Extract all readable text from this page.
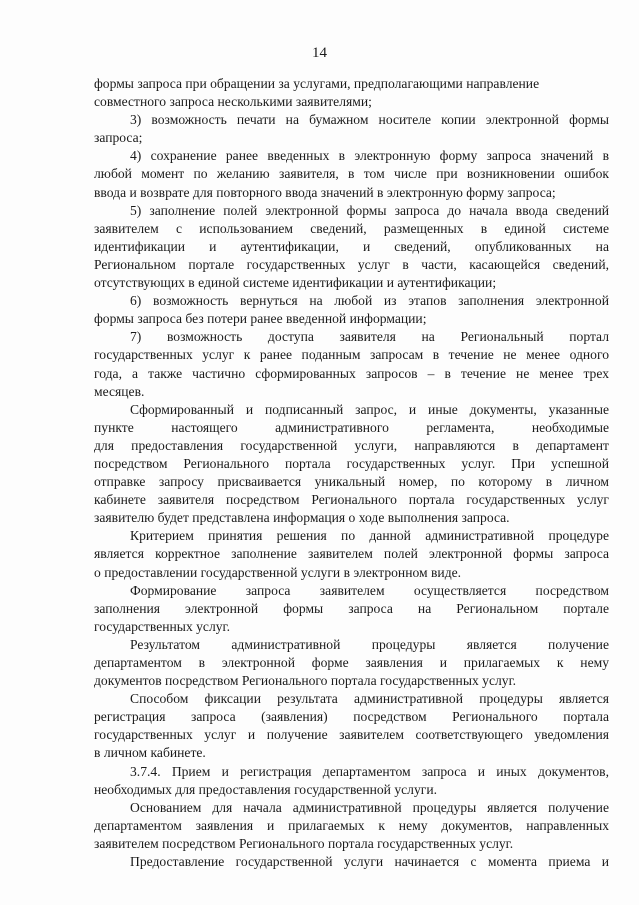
14
формы запроса при обращении за услугами, предполагающими направление
совместного запроса несколькими заявителями;
3) возможность печати на бумажном носителе копии электронной формы
запроса;
4) сохранение ранее введенных в электронную форму запроса значений в
любой момент по желанию заявителя, в том числе при возникновении ошибок
ввода и возврате для повторного ввода значений в электронную форму запроса;
5) заполнение полей электронной формы запроса до начала ввода сведений
заявителем с использованием сведений, размещенных в единой системе
идентификации и аутентификации, и сведений, опубликованных на
Региональном портале государственных услуг в части, касающейся сведений,
отсутствующих в единой системе идентификации и аутентификации;
6) возможность вернуться на любой из этапов заполнения электронной
формы запроса без потери ранее введенной информации;
7) возможность доступа заявителя на Региональный портал
государственных услуг к ранее поданным запросам в течение не менее одного
года, а также частично сформированных запросов – в течение не менее трех
месяцев.
Сформированный и подписанный запрос, и иные документы, указанные
пункте настоящего административного регламента, необходимые
для предоставления государственной услуги, направляются в департамент
посредством Регионального портала государственных услуг. При успешной
отправке запросу присваивается уникальный номер, по которому в личном
кабинете заявителя посредством Регионального портала государственных услуг
заявителю будет представлена информация о ходе выполнения запроса.
Критерием принятия решения по данной административной процедуре
является корректное заполнение заявителем полей электронной формы запроса
о предоставлении государственной услуги в электронном виде.
Формирование запроса заявителем осуществляется посредством
заполнения электронной формы запроса на Региональном портале
государственных услуг.
Результатом административной процедуры является получение
департаментом в электронной форме заявления и прилагаемых к нему
документов посредством Регионального портала государственных услуг.
Способом фиксации результата административной процедуры является
регистрация запроса (заявления) посредством Регионального портала
государственных услуг и получение заявителем соответствующего уведомления
в личном кабинете.
3.7.4. Прием и регистрация департаментом запроса и иных документов,
необходимых для предоставления государственной услуги.
Основанием для начала административной процедуры является получение
департаментом заявления и прилагаемых к нему документов, направленных
заявителем посредством Регионального портала государственных услуг.
Предоставление государственной услуги начинается с момента приема и
